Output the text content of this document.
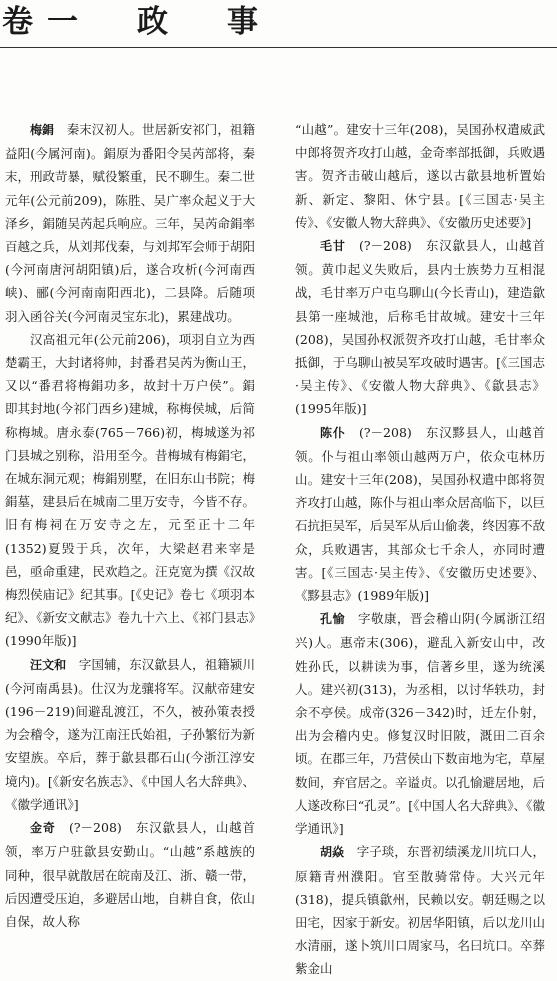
卷一　政　事
梅鋗　 秦末汉初人。世居新安祁门，祖籍益阳(今属河南)。鋗原为番阳令吴芮部将，秦末，刑政苛暴，赋役繁重，民不聊生。秦二世元年(公元前209)，陈胜、吴广率众起义于大泽乡，鋗随吴芮起兵响应。三年，吴芮命鋗率百越之兵，从刘邦伐秦，与刘邦军会师于胡阳(今河南唐河胡阳镇)后，遂合攻析(今河南西峡)、郦(今河南南阳西北)，二县降。后随项羽入函谷关(今河南灵宝东北)，累建战功。
汉高祖元年(公元前206)，项羽自立为西楚霸王，大封诸将帅，封番君吴芮为衡山王，又以“番君将梅鋗功多，故封十万户侯”。鋗即其封地(今祁门西乡)建城，称梅侯城，后简称梅城。唐永泰(765－766)初，梅城遂为祁门县城之别称，沿用至今。昔梅城有梅鋗宅，在城东洞元观；梅鋗别墅，在旧东山书院；梅鋗墓，建县后在城南二里万安寺，今皆不存。旧有梅祠在万安寺之左，元至正十二年(1352)夏毁于兵，次年，大梁赵君来宰是邑，亟命重建，民欢趋之。汪克宽为撰《汉故梅烈侯庙记》纪其事。[《史记》卷七《项羽本纪》、《新安文献志》卷九十六上、《祁门县志》(1990年版)]
汪文和　 字国辅，东汉歙县人，祖籍颍川(今河南禹县)。仕汉为龙骧将军。汉献帝建安(196－219)间避乱渡江，不久，被孙策表授为会稽令，遂为江南汪氏始祖，子孙繁衍为新安望族。卒后，葬于歙县郡石山(今浙江淳安境内)。[《新安名族志》、《中国人名大辞典》、《徽学通讯》]
金奇　 (?－208)　东汉歙县人，山越首领，率万户驻歙县安勤山。“山越”系越族的同种，很早就散居在皖南及江、浙、赣一带，后因遭受压迫，多避居山地，自耕自食，依山自保，故人称
“山越”。建安十三年(208)，吴国孙权遣威武中郎将贺齐攻打山越，金奇率部抵御，兵败遇害。贺齐击破山越后，遂以古歙县地析置始新、新定、黎阳、休宁县。[《三国志·吴主传》、《安徽人物大辞典》、《安徽历史述要》]
毛甘　 (?－208)　东汉歙县人，山越首领。黄巾起义失败后，县内士族势力互相混战，毛甘率万户屯乌聊山(今长青山)，建造歙县第一座城池，后称毛甘故城。建安十三年(208)，吴国孙权派贺齐攻打山越，毛甘率众抵御，于乌聊山被吴军攻破时遇害。[《三国志·吴主传》、《安徽人物大辞典》、《歙县志》(1995年版)]
陈仆　 (?－208)　东汉黟县人，山越首领。仆与祖山率领山越两万户，依众屯林历山。建安十三年(208)，吴国孙权遣中郎将贺齐攻打山越，陈仆与祖山率众居高临下，以巨石抗拒吴军，后吴军从后山偷袭，终因寡不敌众，兵败遇害，其部众七千余人，亦同时遭害。[《三国志·吴主传》、《安徽历史述要》、《黟县志》(1989年版)]
孔愉　 字敬康，晋会稽山阴(今属浙江绍兴)人。惠帝末(306)，避乱入新安山中，改姓孙氏，以耕读为事，信著乡里，遂为统溪人。建兴初(313)，为丞相，以讨华轶功，封余不亭侯。成帝(326－342)时，迁左仆射，出为会稽内史。修复汉时旧陂，溉田二百余顷。在郡三年，乃营侯山下数亩地为宅，草屋数间，弃官居之。辛谥贞。以孔愉避居地，后人遂改称曰“孔灵”。[《中国人名大辞典》、《徽学通讯》]
胡焱　 字子琰，东晋初绩溪龙川坑口人，原籍青州濮阳。官至散骑常侍。大兴元年(318)，提兵镇歙州，民赖以安。朝廷赐之以田宅，因家于新安。初居华阳镇，后以龙川山水清丽，遂卜筑川口周家马，名曰坑口。卒葬紫金山
